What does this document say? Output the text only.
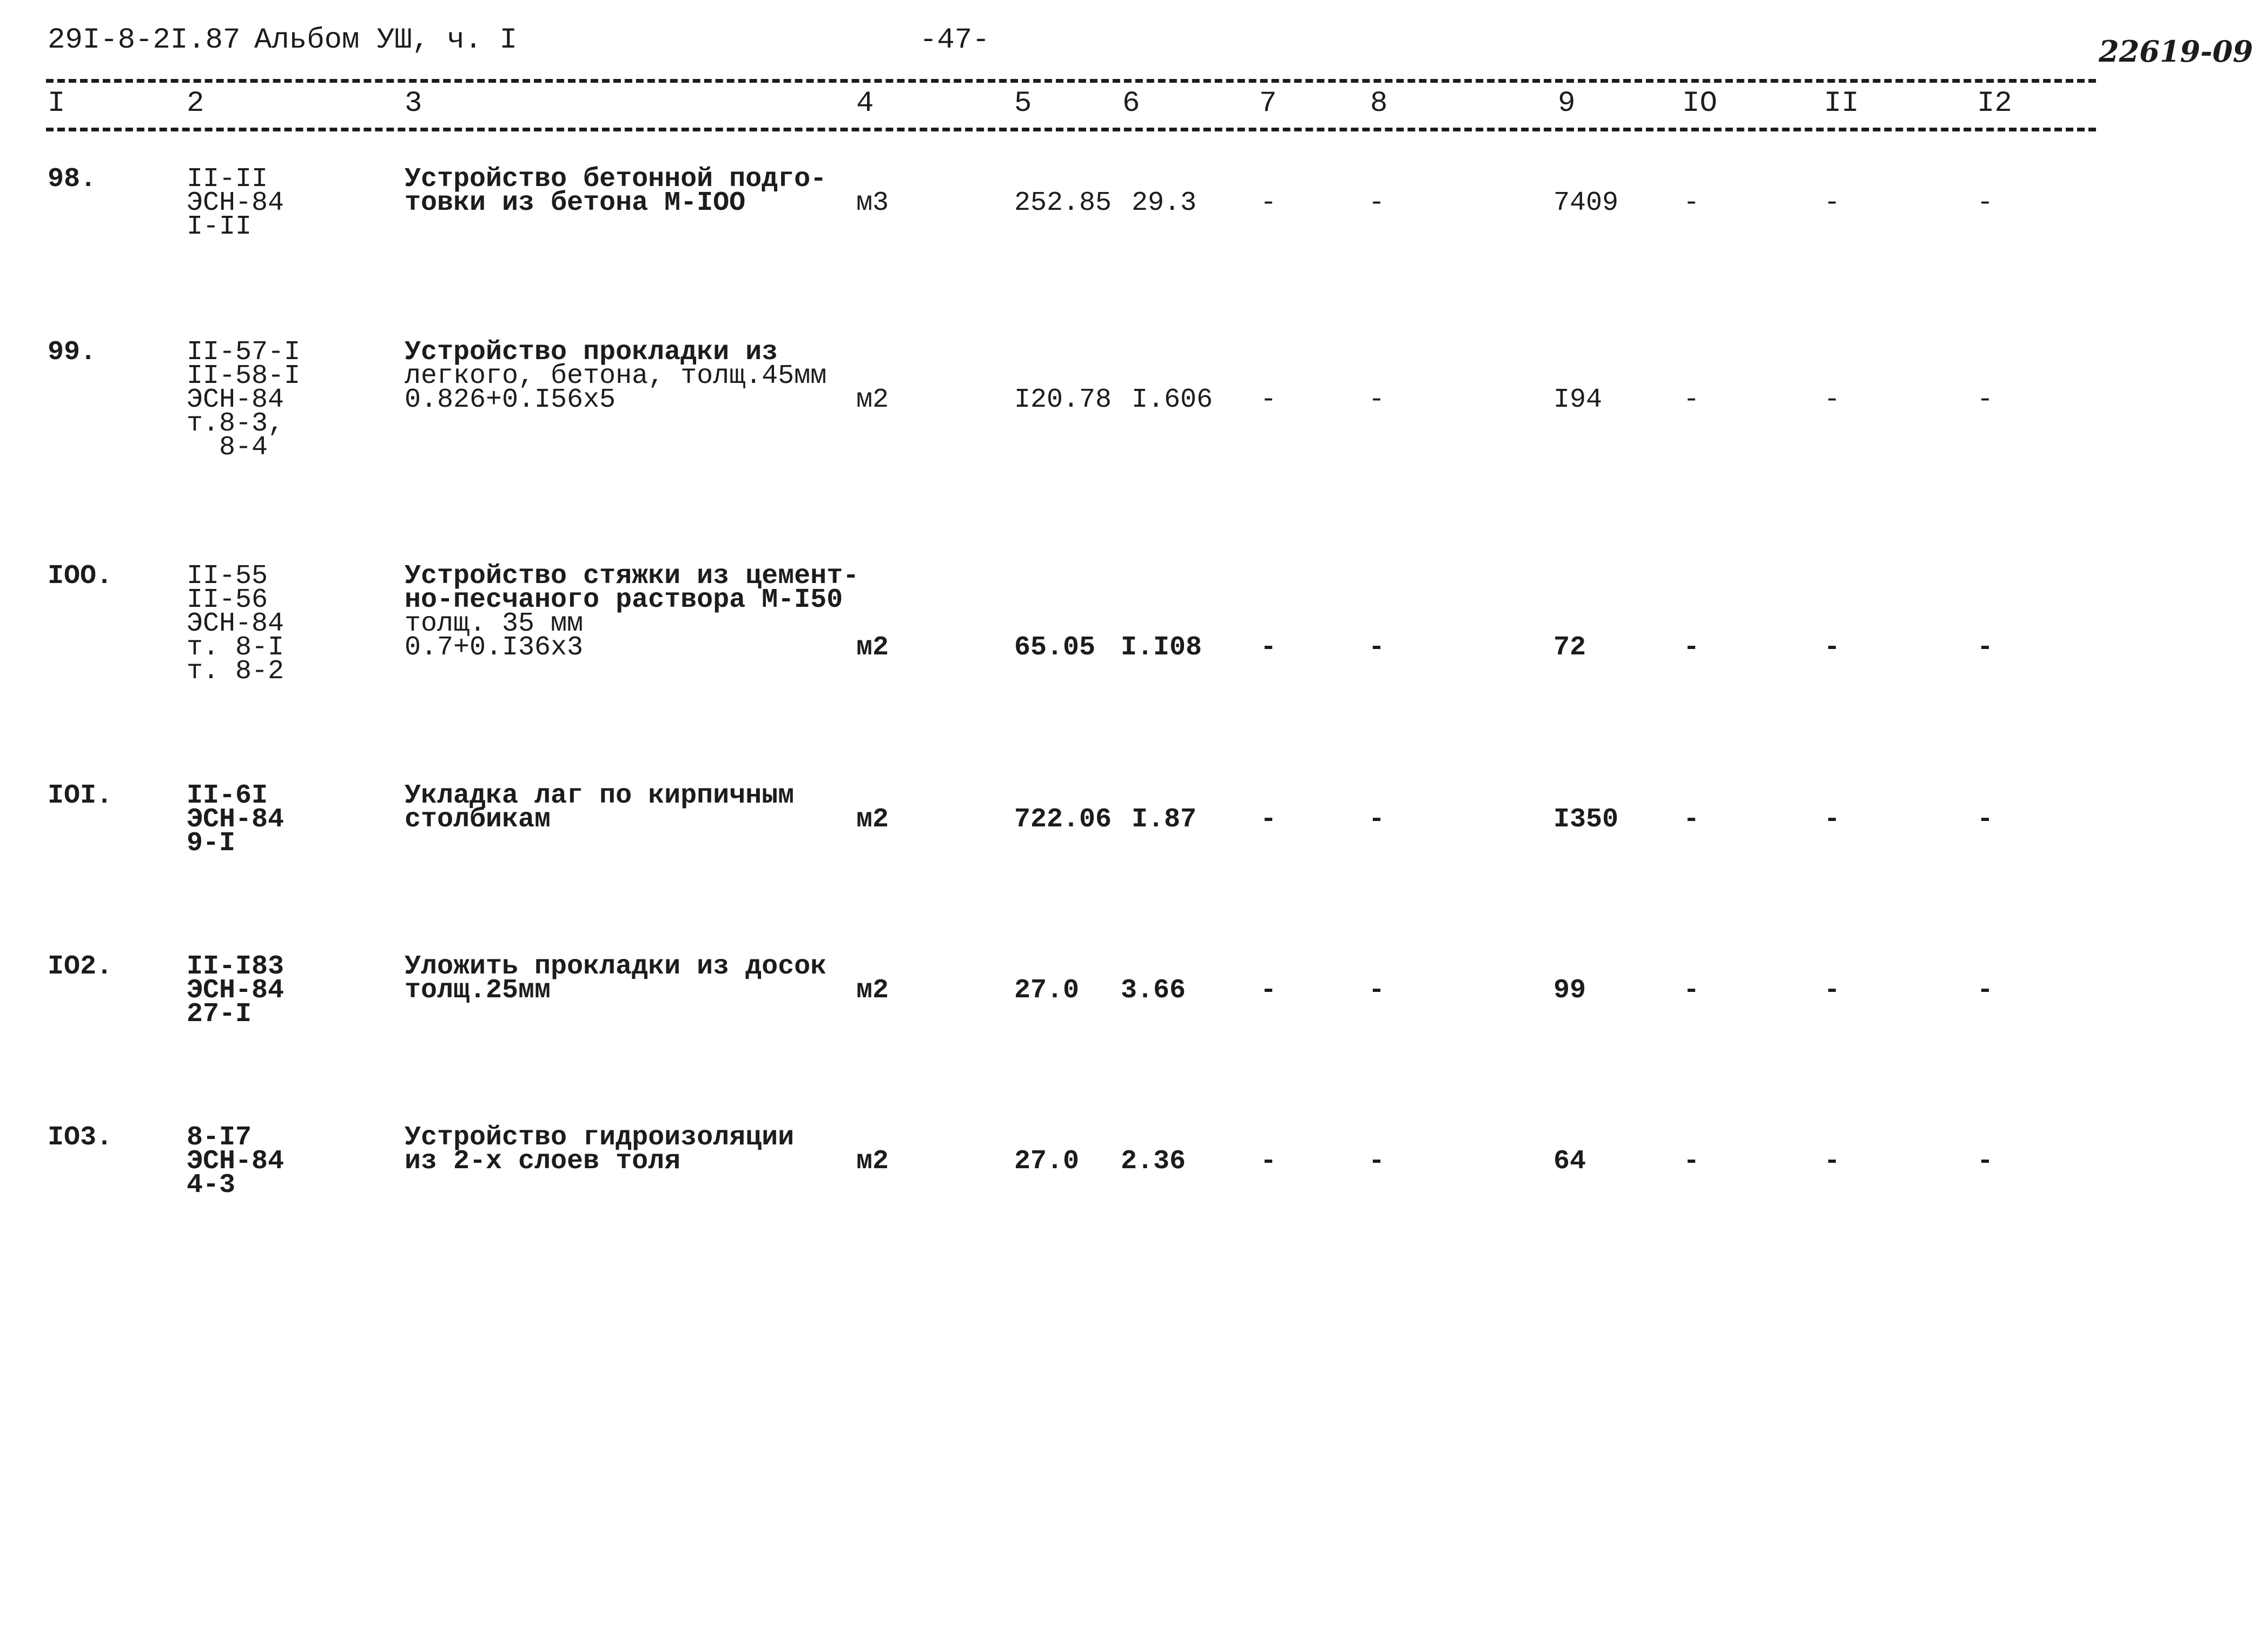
29I-8-2I.87 Альбом УШ, ч. I	-47-	22619-09
I	2	3	4	5	6	7	8	9	IO	II	I2
98.	II-II
ЭСН-84
I-II
Устройство бетонной подго-
товки из бетона М-IOO	м3	252.85 29.3 -	-	7409 -	-	-
99.	II-57-I
II-58-I
ЭСН-84
т.8-3,
8-4
Устройство прокладки из
легкого, бетона, толщ.45мм
0.826+0.I56x5	м2	I20.78 I.606 -	-	I94	-	-	-
IOO.	II-55
II-56
ЭСН-84
т. 8-I
т. 8-2
Устройство стяжки из цемент-
но-песчаного раствора М-I50
толщ. 35 мм
0.7+0.I36x3	м2	65.05 I.I08 -	-	72	-	-	-
IOI.	II-6I
ЭСН-84
9-I
Укладка лаг по кирпичным
столбикам	м2	722.06 I.87 -	-	I350 -	-	-
IO2.	II-I83
ЭСН-84
27-I
Уложить прокладки из досок
толщ.25мм	м2	27.0 3.66	-	-	99	-	-	-
IO3.	8-I7
ЭСН-84
4-3
Устройство гидроизоляции
из 2-х слоев толя	м2	27.0 2.36	-	-	64	-	-	-
